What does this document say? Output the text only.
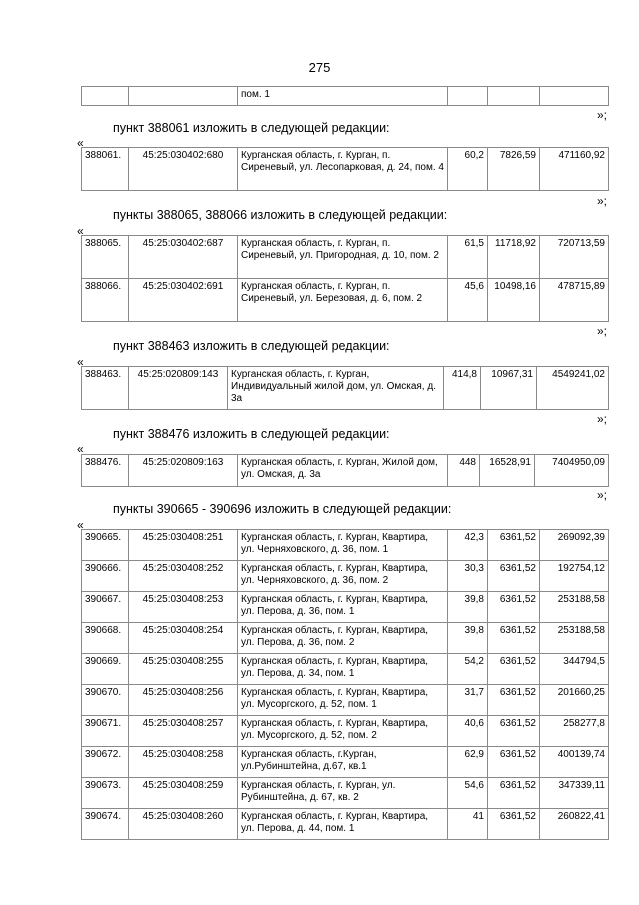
275
		пом. 1			
»;
пункт 388061 изложить в следующей редакции:
«
388061.	45:25:030402:680	Курганская область, г. Курган, п. Сиреневый, ул. Лесопарковая, д. 24, пом. 4	60,2	7826,59	471160,92
»;
пункты 388065, 388066 изложить в следующей редакции:
«
388065.	45:25:030402:687	Курганская область, г. Курган, п. Сиреневый, ул. Пригородная, д. 10, пом. 2	61,5	11718,92	720713,59
388066.	45:25:030402:691	Курганская область, г. Курган, п. Сиреневый, ул. Березовая, д. 6, пом. 2	45,6	10498,16	478715,89
»;
пункт 388463 изложить в следующей редакции:
«
388463.	45:25:020809:143	Курганская область, г. Курган, Индивидуальный жилой дом, ул. Омская, д. 3а	414,8	10967,31	4549241,02
»;
пункт 388476 изложить в следующей редакции:
«
388476.	45:25:020809:163	Курганская область, г. Курган, Жилой дом, ул. Омская, д. 3а	448	16528,91	7404950,09
»;
пункты 390665 - 390696 изложить в следующей редакции:
«
390665.	45:25:030408:251	Курганская область, г. Курган, Квартира, ул. Черняховского, д. 36, пом. 1	42,3	6361,52	269092,39
390666.	45:25:030408:252	Курганская область, г. Курган, Квартира, ул. Черняховского, д. 36, пом. 2	30,3	6361,52	192754,12
390667.	45:25:030408:253	Курганская область, г. Курган, Квартира, ул. Перова, д. 36, пом. 1	39,8	6361,52	253188,58
390668.	45:25:030408:254	Курганская область, г. Курган, Квартира, ул. Перова, д. 36, пом. 2	39,8	6361,52	253188,58
390669.	45:25:030408:255	Курганская область, г. Курган, Квартира, ул. Перова, д. 34, пом. 1	54,2	6361,52	344794,5
390670.	45:25:030408:256	Курганская область, г. Курган, Квартира, ул. Мусоргского, д. 52, пом. 1	31,7	6361,52	201660,25
390671.	45:25:030408:257	Курганская область, г. Курган, Квартира, ул. Мусоргского, д. 52, пом. 2	40,6	6361,52	258277,8
390672.	45:25:030408:258	Курганская область, г.Курган, ул.Рубинштейна, д.67, кв.1	62,9	6361,52	400139,74
390673.	45:25:030408:259	Курганская область, г. Курган, ул. Рубинштейна, д. 67, кв. 2	54,6	6361,52	347339,11
390674.	45:25:030408:260	Курганская область, г. Курган, Квартира, ул. Перова, д. 44, пом. 1	41	6361,52	260822,41
